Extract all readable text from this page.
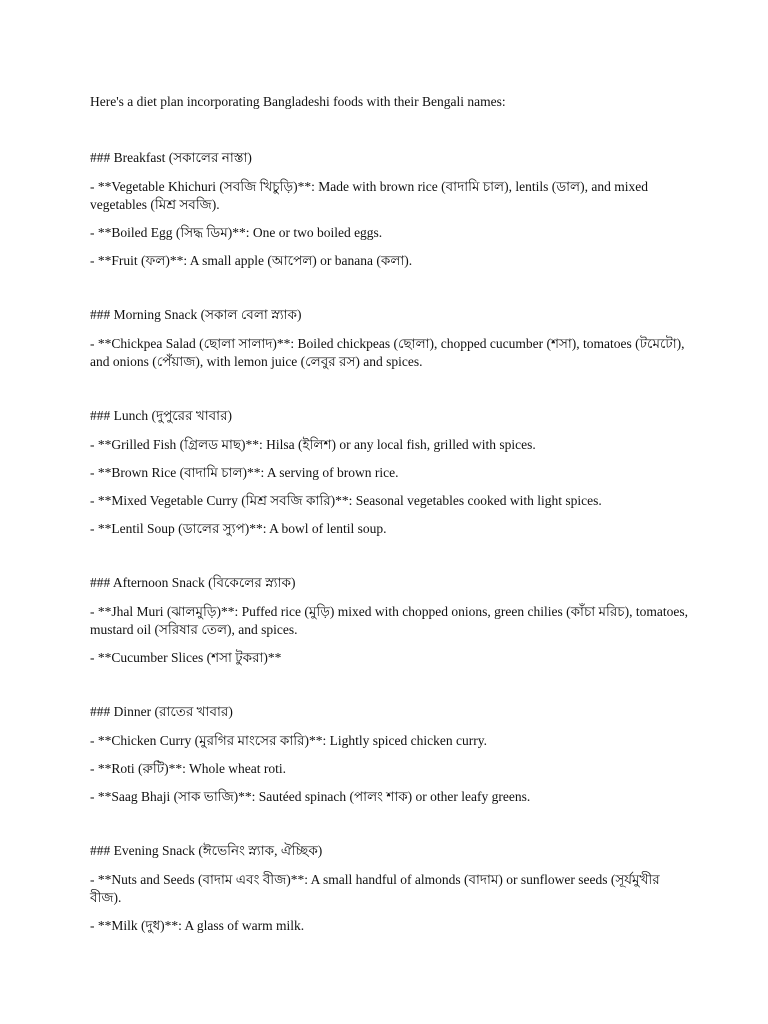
Here's a diet plan incorporating Bangladeshi foods with their Bengali names:

### Breakfast (সকালের নাস্তা)

- **Vegetable Khichuri (সবজি খিচুড়ি)**: Made with brown rice (বাদামি চাল), lentils (ডাল), and mixed vegetables (মিশ্র সবজি).

- **Boiled Egg (সিদ্ধ ডিম)**: One or two boiled eggs.

- **Fruit (ফল)**: A small apple (আপেল) or banana (কলা).

### Morning Snack (সকাল বেলা স্ন্যাক)

- **Chickpea Salad (ছোলা সালাদ)**: Boiled chickpeas (ছোলা), chopped cucumber (শসা), tomatoes (টমেটো), and onions (পেঁয়াজ), with lemon juice (লেবুর রস) and spices.

### Lunch (দুপুরের খাবার)

- **Grilled Fish (গ্রিলড মাছ)**: Hilsa (ইলিশ) or any local fish, grilled with spices.

- **Brown Rice (বাদামি চাল)**: A serving of brown rice.

- **Mixed Vegetable Curry (মিশ্র সবজি কারি)**: Seasonal vegetables cooked with light spices.

- **Lentil Soup (ডালের স্যুপ)**: A bowl of lentil soup.

### Afternoon Snack (বিকেলের স্ন্যাক)

- **Jhal Muri (ঝালমুড়ি)**: Puffed rice (মুড়ি) mixed with chopped onions, green chilies (কাঁচা মরিচ), tomatoes, mustard oil (সরিষার তেল), and spices.

- **Cucumber Slices (শসা টুকরা)**

### Dinner (রাতের খাবার)

- **Chicken Curry (মুরগির মাংসের কারি)**: Lightly spiced chicken curry.

- **Roti (রুটি)**: Whole wheat roti.

- **Saag Bhaji (সাক ভাজি)**: Sautéed spinach (পালং শাক) or other leafy greens.

### Evening Snack (ঈভেনিং স্ন্যাক, ঐচ্ছিক)

- **Nuts and Seeds (বাদাম এবং বীজ)**: A small handful of almonds (বাদাম) or sunflower seeds (সূর্যমুখীর বীজ).

- **Milk (দুধ)**: A glass of warm milk.
